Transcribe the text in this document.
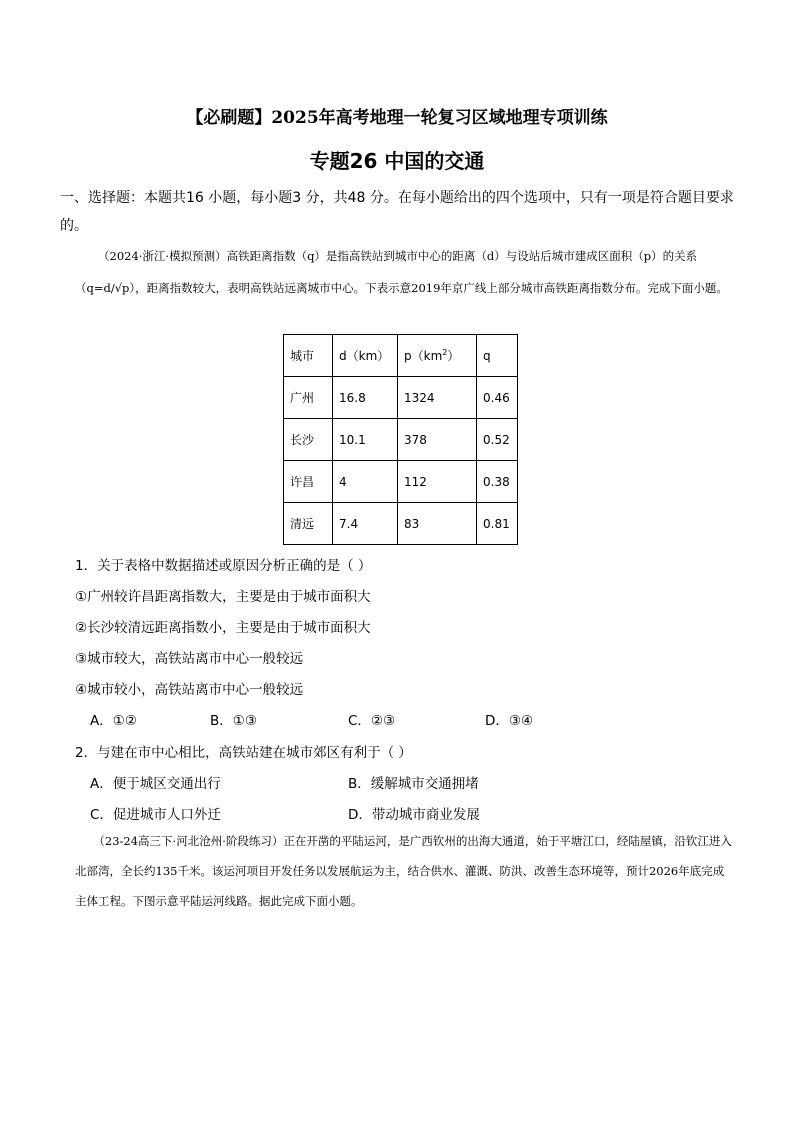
【必刷题】2025年高考地理一轮复习区域地理专项训练
专题26 中国的交通
一、选择题：本题共16 小题，每小题3 分，共48 分。在每小题给出的四个选项中，只有一项是符合题目要求的。
（2024·浙江·模拟预测）高铁距离指数（q）是指高铁站到城市中心的距离（d）与设站后城市建成区面积（p）的关系（q=d/√p），距离指数较大，表明高铁站远离城市中心。下表示意2019年京广线上部分城市高铁距离指数分布。完成下面小题。
城市	d（km）	$p(km^2)$	q
广州	16.8	1324	0.46
长沙	10.1	378	0.52
许昌	4	112	0.38
清远	7.4	83	0.81
1．关于表格中数据描述或原因分析正确的是（ ）
①广州较许昌距离指数大，主要是由于城市面积大
②长沙较清远距离指数小，主要是由于城市面积大
③城市较大，高铁站离市中心一般较远
④城市较小，高铁站离市中心一般较远
A．①②	B．①③	C．②③	D．③④
2．与建在市中心相比，高铁站建在城市郊区有利于（ ）
A．便于城区交通出行	B．缓解城市交通拥堵
C．促进城市人口外迁	D．带动城市商业发展
（23-24高三下·河北沧州·阶段练习）正在开凿的平陆运河，是广西钦州的出海大通道，始于平塘江口，经陆屋镇，沿钦江进入北部湾，全长约135千米。该运河项目开发任务以发展航运为主，结合供水、灌溉、防洪、改善生态环境等，预计2026年底完成主体工程。下图示意平陆运河线路。据此完成下面小题。
